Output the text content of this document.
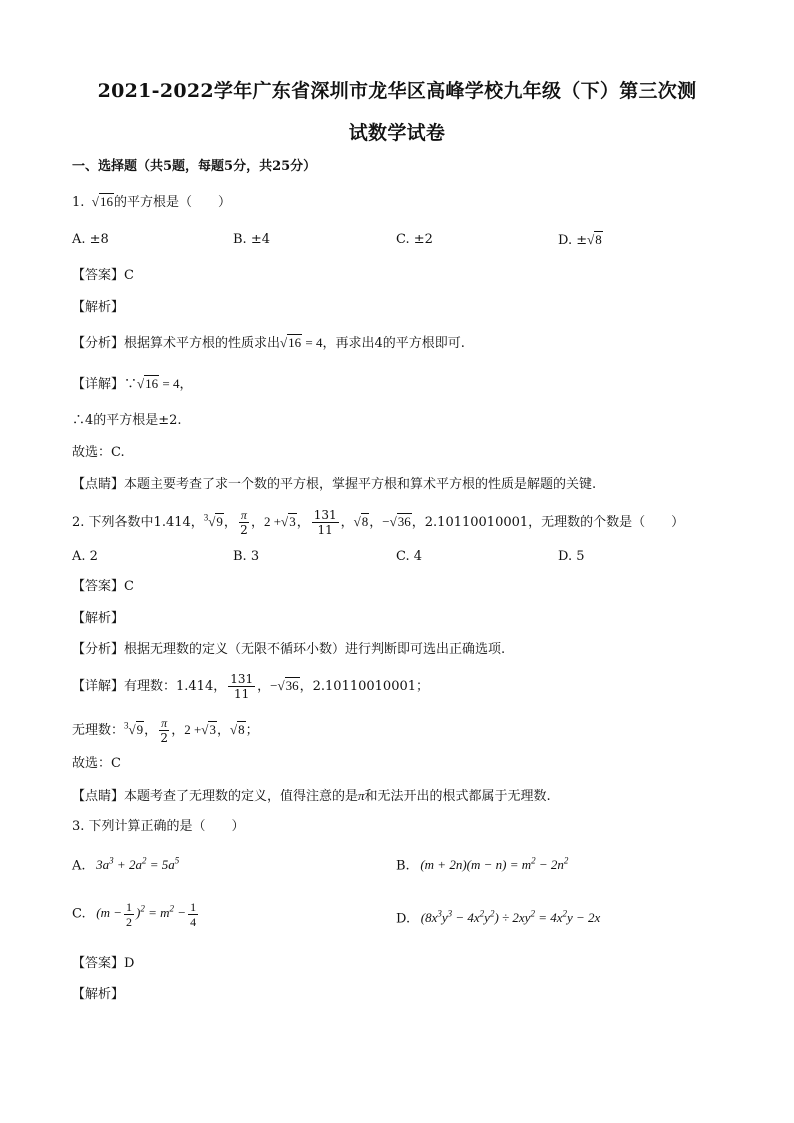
2021-2022学年广东省深圳市龙华区高峰学校九年级（下）第三次测
试数学试卷
一、选择题（共5题，每题5分，共25分）
1.  √16的平方根是（　　）
A. ±8	B. ±4	C. ±2	D. ±√8
【答案】C
【解析】
【分析】根据算术平方根的性质求出√16 = 4，再求出4的平方根即可.
【详解】∵√16 = 4，
∴4的平方根是±2.
故选：C.
【点睛】本题主要考查了求一个数的平方根，掌握平方根和算术平方根的性质是解题的关键.
2. 下列各数中1.414，$^3$√9， $\frac{\pi}{2}$ ，2 +√3， $\frac{131}{11}$ ，√8，−√36，2.10110010001，无理数的个数是（　　）
A. 2	B. 3	C. 4	D. 5
【答案】C
【解析】
【分析】根据无理数的定义（无限不循环小数）进行判断即可选出正确选项.
【详解】有理数：1.414， $\frac{131}{11}$ ，−√36，2.10110010001；
无理数：$^3$√9， $\frac{\pi}{2}$ ，2 +√3，√8；
故选：C
【点睛】本题考查了无理数的定义，值得注意的是π和无法开出的根式都属于无理数.
3. 下列计算正确的是（　　）
A.   $3a^3 + 2a^2 = 5a^5$	B.   $(m + 2n)(m - n) = m^2 - 2n^2$
C.   $(m - \frac{1}{2} )^2 = m^2 - \frac{1}{4}$	D.   $(8x^3y^3 - 4x^2y^2) \div 2xy^2 = 4x^2y - 2x$
【答案】D
【解析】
